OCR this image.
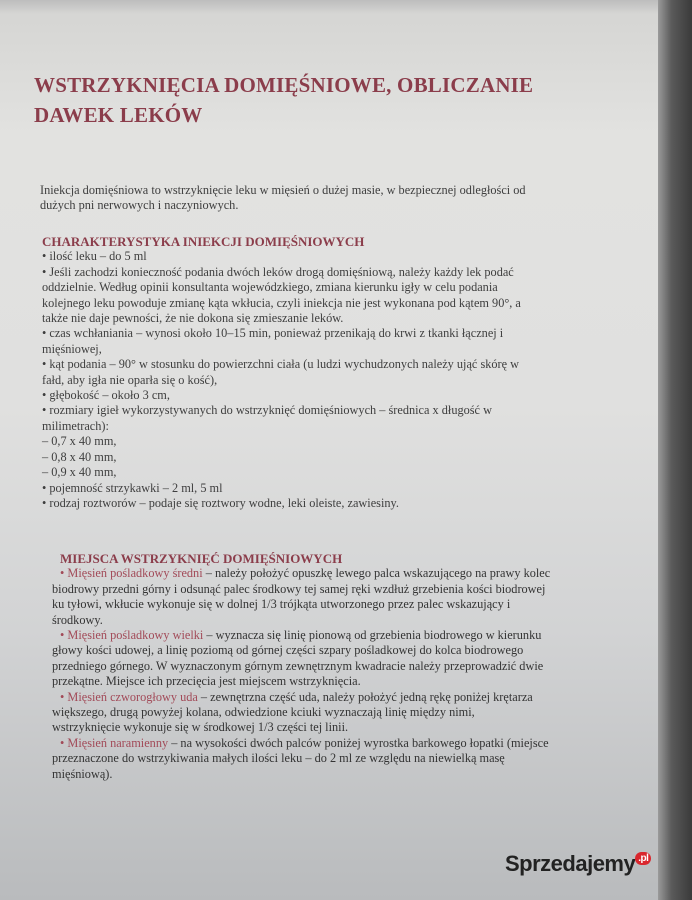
WSTRZYKNIĘCIA DOMIĘŚNIOWE, OBLICZANIE
DAWEK LEKÓW
Iniekcja domięśniowa to wstrzyknięcie leku w mięsień o dużej masie, w bezpiecznej odległości od
dużych pni nerwowych i naczyniowych.
CHARAKTERYSTYKA INIEKCJI DOMIĘŚNIOWYCH
• ilość leku – do 5 ml
• Jeśli zachodzi konieczność podania dwóch leków drogą domięśniową, należy każdy lek podać
oddzielnie. Według opinii konsultanta wojewódzkiego, zmiana kierunku igły w celu podania
kolejnego leku powoduje zmianę kąta wkłucia, czyli iniekcja nie jest wykonana pod kątem 90°, a
także nie daje pewności, że nie dokona się zmieszanie leków.
• czas wchłaniania – wynosi około 10–15 min, ponieważ przenikają do krwi z tkanki łącznej i
mięśniowej,
• kąt podania – 90° w stosunku do powierzchni ciała (u ludzi wychudzonych należy ująć skórę w
fałd, aby igła nie oparła się o kość),
• głębokość – około 3 cm,
• rozmiary igieł wykorzystywanych do wstrzyknięć domięśniowych – średnica x długość w
milimetrach):
– 0,7 x 40 mm,
– 0,8 x 40 mm,
– 0,9 x 40 mm,
• pojemność strzykawki – 2 ml, 5 ml
• rodzaj roztworów – podaje się roztwory wodne, leki oleiste, zawiesiny.
MIEJSCA WSTRZYKNIĘĆ DOMIĘŚNIOWYCH
• Mięsień pośladkowy średni – należy położyć opuszkę lewego palca wskazującego na prawy kolec
biodrowy przedni górny i odsunąć palec środkowy tej samej ręki wzdłuż grzebienia kości biodrowej
ku tyłowi, wkłucie wykonuje się w dolnej 1/3 trójkąta utworzonego przez palec wskazujący i
środkowy.
• Mięsień pośladkowy wielki – wyznacza się linię pionową od grzebienia biodrowego w kierunku
głowy kości udowej, a linię poziomą od górnej części szpary pośladkowej do kolca biodrowego
przedniego górnego. W wyznaczonym górnym zewnętrznym kwadracie należy przeprowadzić dwie
przekątne. Miejsce ich przecięcia jest miejscem wstrzyknięcia.
• Mięsień czworogłowy uda – zewnętrzna część uda, należy położyć jedną rękę poniżej krętarza
większego, drugą powyżej kolana, odwiedzione kciuki wyznaczają linię między nimi,
wstrzyknięcie wykonuje się w środkowej 1/3 części tej linii.
• Mięsień naramienny – na wysokości dwóch palców poniżej wyrostka barkowego łopatki (miejsce
przeznaczone do wstrzykiwania małych ilości leku – do 2 ml ze względu na niewielką masę
mięśniową).
Sprzedajemy $^{.pl}$
